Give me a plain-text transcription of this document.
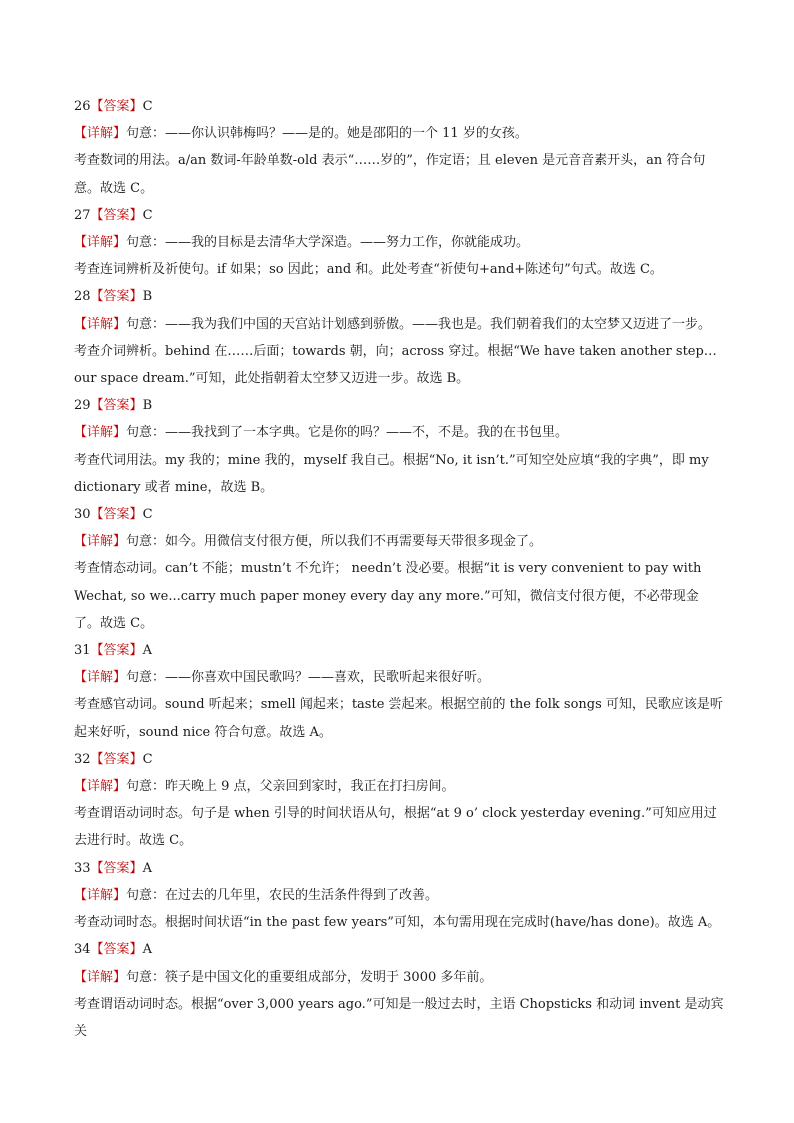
26【答案】C

【详解】句意：——你认识韩梅吗？——是的。她是邵阳的一个 11 岁的女孩。

考查数词的用法。a/an 数词-年龄单数-old 表示“……岁的”，作定语；且 eleven 是元音音素开头，an 符合句意。故选 C。

27【答案】C

【详解】句意：——我的目标是去清华大学深造。——努力工作，你就能成功。

考查连词辨析及祈使句。if 如果；so 因此；and 和。此处考查“祈使句+and+陈述句”句式。故选 C。

28【答案】B

【详解】句意：——我为我们中国的天宫站计划感到骄傲。——我也是。我们朝着我们的太空梦又迈进了一步。

考查介词辨析。behind 在……后面；towards 朝，向；across 穿过。根据“We have taken another step…our space dream.”可知，此处指朝着太空梦又迈进一步。故选 B。

29【答案】B

【详解】句意：——我找到了一本字典。它是你的吗？——不，不是。我的在书包里。

考查代词用法。my 我的；mine 我的，myself 我自己。根据“No, it isn’t.”可知空处应填“我的字典”，即 my dictionary 或者 mine，故选 B。

30【答案】C

【详解】句意：如今。用微信支付很方便，所以我们不再需要每天带很多现金了。

考查情态动词。can’t 不能；mustn’t 不允许； needn’t 没必要。根据“it is very convenient to pay with Wechat, so we...carry much paper money every day any more.”可知，微信支付很方便，不必带现金了。故选 C。

31【答案】A

【详解】句意：——你喜欢中国民歌吗？——喜欢，民歌听起来很好听。

考查感官动词。sound 听起来；smell 闻起来；taste 尝起来。根据空前的 the folk songs 可知，民歌应该是听起来好听，sound nice 符合句意。故选 A。

32【答案】C

【详解】句意：昨天晚上 9 点，父亲回到家时，我正在打扫房间。

考查谓语动词时态。句子是 when 引导的时间状语从句，根据“at 9 o’ clock yesterday evening.”可知应用过去进行时。故选 C。

33【答案】A

【详解】句意：在过去的几年里，农民的生活条件得到了改善。

考查动词时态。根据时间状语“in the past few years”可知，本句需用现在完成时(have/has done)。故选 A。

34【答案】A

【详解】句意：筷子是中国文化的重要组成部分，发明于 3000 多年前。

考查谓语动词时态。根据“over 3,000 years ago.”可知是一般过去时，主语 Chopsticks 和动词 invent 是动宾关
